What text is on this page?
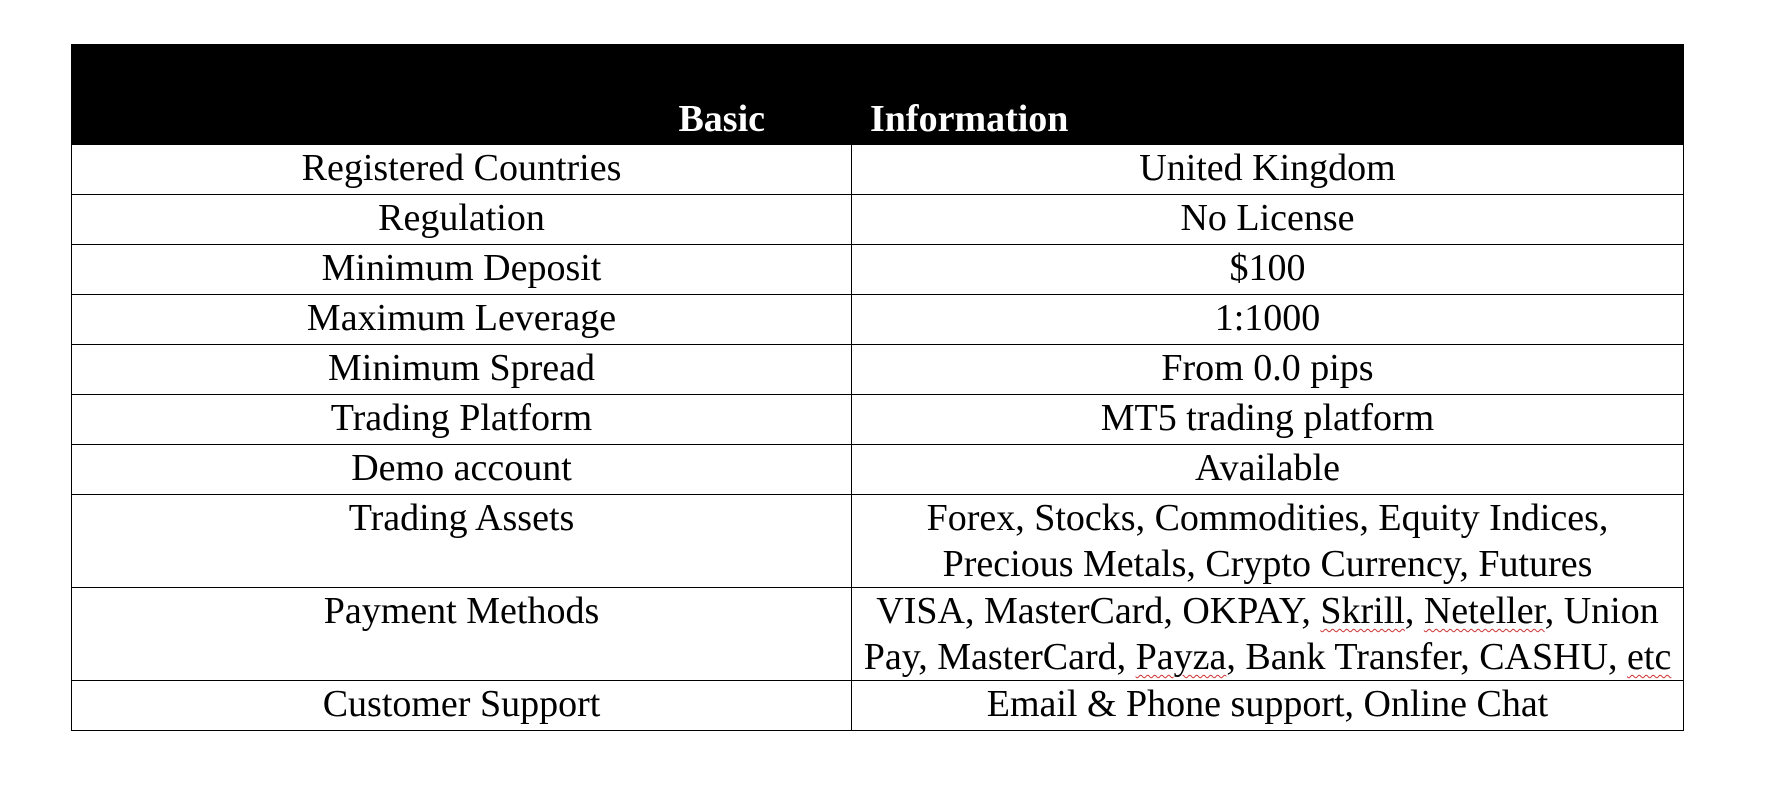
Basic	Information
Registered Countries	United Kingdom
Regulation	No License
Minimum Deposit	$100
Maximum Leverage	1:1000
Minimum Spread	From 0.0 pips
Trading Platform	MT5 trading platform
Demo account	Available
Trading Assets	Forex, Stocks, Commodities, Equity Indices, Precious Metals, Crypto Currency, Futures
Payment Methods	VISA, MasterCard, OKPAY, Skrill, Neteller, Union Pay, MasterCard, Payza, Bank Transfer, CASHU, etc
Customer Support	Email & Phone support, Online Chat
